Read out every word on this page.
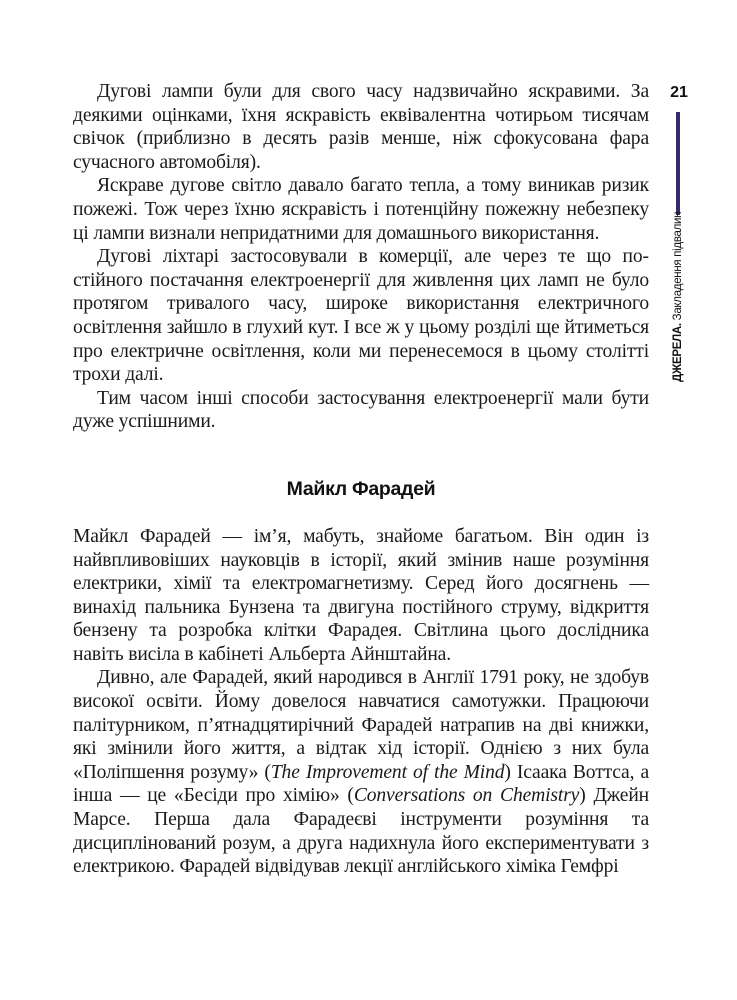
21
ДЖЕРЕЛА. Закладення підвалин

Дугові лампи були для свого часу надзвичайно яскравими. За деякими оцінками, їхня яскравість еквівалентна чотирьом тисячам свічок (приблизно в десять разів менше, ніж сфокусована фара сучасного автомобіля).

Яскраве дугове світло давало багато тепла, а тому виникав ризик пожежі. Тож через їхню яскравість і потенційну пожежну небезпеку ці лампи визнали непридатними для домашнього використання.

Дугові ліхтарі застосовували в комерції, але через те що постійного постачання електроенергії для живлення цих ламп не було протягом тривалого часу, широке використання електричного освітлення зайшло в глухий кут. І все ж у цьому розділі ще йтиметься про електричне освітлення, коли ми перенесемося в цьому столітті трохи далі.

Тим часом інші способи застосування електроенергії мали бути дуже успішними.

Майкл Фарадей

Майкл Фарадей — ім’я, мабуть, знайоме багатьом. Він один із найвпливовіших науковців в історії, який змінив наше розуміння електрики, хімії та електромагнетизму. Серед його досягнень — винахід пальника Бунзена та двигуна постійного струму, відкриття бензену та розробка клітки Фарадея. Світлина цього дослідника навіть висіла в кабінеті Альберта Айнштайна.

Дивно, але Фарадей, який народився в Англії 1791 року, не здобув високої освіти. Йому довелося навчатися самотужки. Працюючи палітурником, п’ятнадцятирічний Фарадей натрапив на дві книжки, які змінили його життя, а відтак хід історії. Однією з них була «Поліпшення розуму» (The Improvement of the Mind) Ісаака Воттса, а інша — це «Бесіди про хімію» (Conversations on Chemistry) Джейн Марсе. Перша дала Фарадеєві інструменти розуміння та дисциплінований розум, а друга надихнула його експериментувати з електрикою. Фарадей відвідував лекції англійського хіміка Гемфрі
